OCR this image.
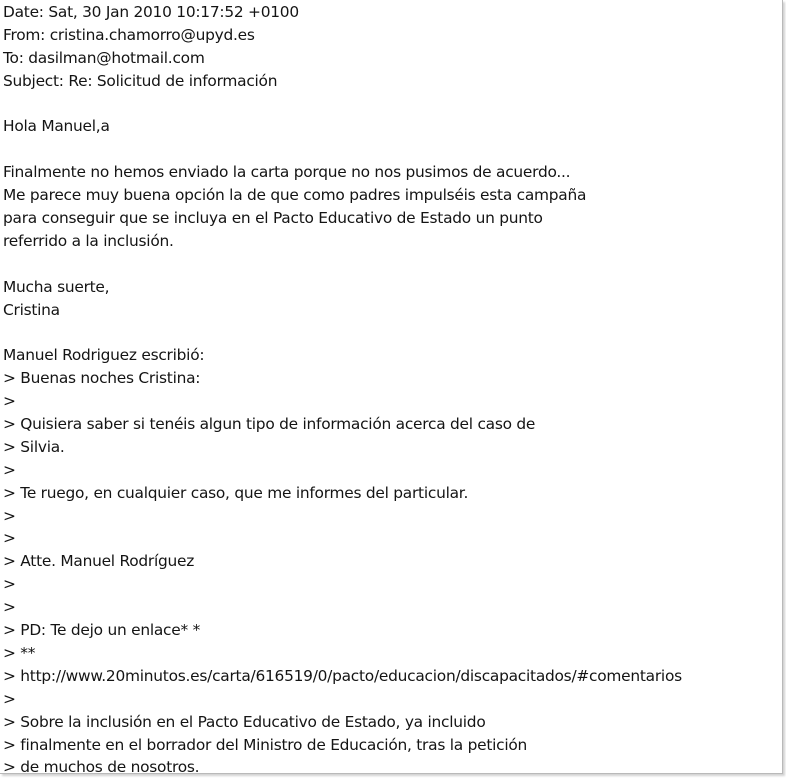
Date: Sat, 30 Jan 2010 10:17:52 +0100
From: cristina.chamorro@upyd.es
To: dasilman@hotmail.com
Subject: Re: Solicitud de información
Hola Manuel,a
Finalmente no hemos enviado la carta porque no nos pusimos de acuerdo...
Me parece muy buena opción la de que como padres impulséis esta campaña
para conseguir que se incluya en el Pacto Educativo de Estado un punto
referrido a la inclusión.
Mucha suerte,
Cristina
Manuel Rodriguez escribió:
> Buenas noches Cristina:
>
> Quisiera saber si tenéis algun tipo de información acerca del caso de
> Silvia.
>
> Te ruego, en cualquier caso, que me informes del particular.
>
>
> Atte. Manuel Rodríguez
>
>
> PD: Te dejo un enlace* *
> **
> http://www.20minutos.es/carta/616519/0/pacto/educacion/discapacitados/#comentarios
>
> Sobre la inclusión en el Pacto Educativo de Estado, ya incluido
> finalmente en el borrador del Ministro de Educación, tras la petición
> de muchos de nosotros.
